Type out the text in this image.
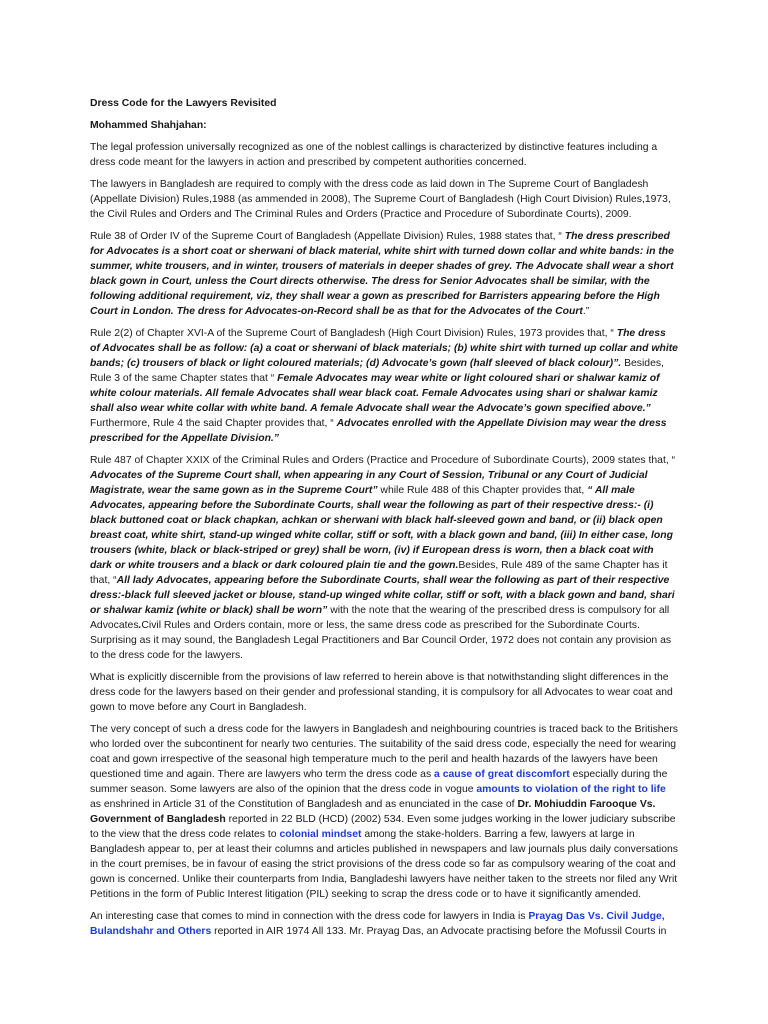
Dress Code for the Lawyers Revisited

Mohammed Shahjahan:

The legal profession universally recognized as one of the noblest callings is characterized by distinctive features including a dress code meant for the lawyers in action and prescribed by competent authorities concerned.

The lawyers in Bangladesh are required to comply with the dress code as laid down in The Supreme Court of Bangladesh (Appellate Division) Rules,1988 (as ammended in 2008), The Supreme Court of Bangladesh (High Court Division) Rules,1973, the Civil Rules and Orders and The Criminal Rules and Orders (Practice and Procedure of Subordinate Courts), 2009.

Rule 38 of Order IV of the Supreme Court of Bangladesh (Appellate Division) Rules, 1988 states that, “ The dress prescribed for Advocates is a short coat or sherwani of black material, white shirt with turned down collar and white bands: in the summer, white trousers, and in winter, trousers of materials in deeper shades of grey. The Advocate shall wear a short black gown in Court, unless the Court directs otherwise. The dress for Senior Advocates shall be similar, with the following additional requirement, viz, they shall wear a gown as prescribed for Barristers appearing before the High Court in London. The dress for Advocates-on-Record shall be as that for the Advocates of the Court.”

Rule 2(2) of Chapter XVI-A of the Supreme Court of Bangladesh (High Court Division) Rules, 1973 provides that, “ The dress of Advocates shall be as follow: (a) a coat or sherwani of black materials; (b) white shirt with turned up collar and white bands; (c) trousers of black or light coloured materials; (d) Advocate’s gown (half sleeved of black colour)”. Besides, Rule 3 of the same Chapter states that “ Female Advocates may wear white or light coloured shari or shalwar kamiz of white colour materials. All female Advocates shall wear black coat. Female Advocates using shari or shalwar kamiz shall also wear white collar with white band. A female Advocate shall wear the Advocate’s gown specified above.” Furthermore, Rule 4 the said Chapter provides that, “ Advocates enrolled with the Appellate Division may wear the dress prescribed for the Appellate Division.”

Rule 487 of Chapter XXIX of the Criminal Rules and Orders (Practice and Procedure of Subordinate Courts), 2009 states that, “ Advocates of the Supreme Court shall, when appearing in any Court of Session, Tribunal or any Court of Judicial Magistrate, wear the same gown as in the Supreme Court” while Rule 488 of this Chapter provides that, “ All male Advocates, appearing before the Subordinate Courts, shall wear the following as part of their respective dress:- (i) black buttoned coat or black chapkan, achkan or sherwani with black half-sleeved gown and band, or (ii) black open breast coat, white shirt, stand-up winged white collar, stiff or soft, with a black gown and band, (iii) In either case, long trousers (white, black or black-striped or grey) shall be worn, (iv) if European dress is worn, then a black coat with dark or white trousers and a black or dark coloured plain tie and the gown.Besides, Rule 489 of the same Chapter has it that, “All lady Advocates, appearing before the Subordinate Courts, shall wear the following as part of their respective dress:-black full sleeved jacket or blouse, stand-up winged white collar, stiff or soft, with a black gown and band, shari or shalwar kamiz (white or black) shall be worn” with the note that the wearing of the prescribed dress is compulsory for all Advocates.Civil Rules and Orders contain, more or less, the same dress code as prescribed for the Subordinate Courts. Surprising as it may sound, the Bangladesh Legal Practitioners and Bar Council Order, 1972 does not contain any provision as to the dress code for the lawyers.

What is explicitly discernible from the provisions of law referred to herein above is that notwithstanding slight differences in the dress code for the lawyers based on their gender and professional standing, it is compulsory for all Advocates to wear coat and gown to move before any Court in Bangladesh.

The very concept of such a dress code for the lawyers in Bangladesh and neighbouring countries is traced back to the Britishers who lorded over the subcontinent for nearly two centuries. The suitability of the said dress code, especially the need for wearing coat and gown irrespective of the seasonal high temperature much to the peril and health hazards of the lawyers have been questioned time and again. There are lawyers who term the dress code as a cause of great discomfort especially during the summer season. Some lawyers are also of the opinion that the dress code in vogue amounts to violation of the right to life as enshrined in Article 31 of the Constitution of Bangladesh and as enunciated in the case of Dr. Mohiuddin Farooque Vs. Government of Bangladesh reported in 22 BLD (HCD) (2002) 534. Even some judges working in the lower judiciary subscribe to the view that the dress code relates to colonial mindset among the stake-holders. Barring a few, lawyers at large in Bangladesh appear to, per at least their columns and articles published in newspapers and law journals plus daily conversations in the court premises, be in favour of easing the strict provisions of the dress code so far as compulsory wearing of the coat and gown is concerned. Unlike their counterparts from India, Bangladeshi lawyers have neither taken to the streets nor filed any Writ Petitions in the form of Public Interest litigation (PIL) seeking to scrap the dress code or to have it significantly amended.

An interesting case that comes to mind in connection with the dress code for lawyers in India is Prayag Das Vs. Civil Judge, Bulandshahr and Others reported in AIR 1974 All 133. Mr. Prayag Das, an Advocate practising before the Mofussil Courts in
